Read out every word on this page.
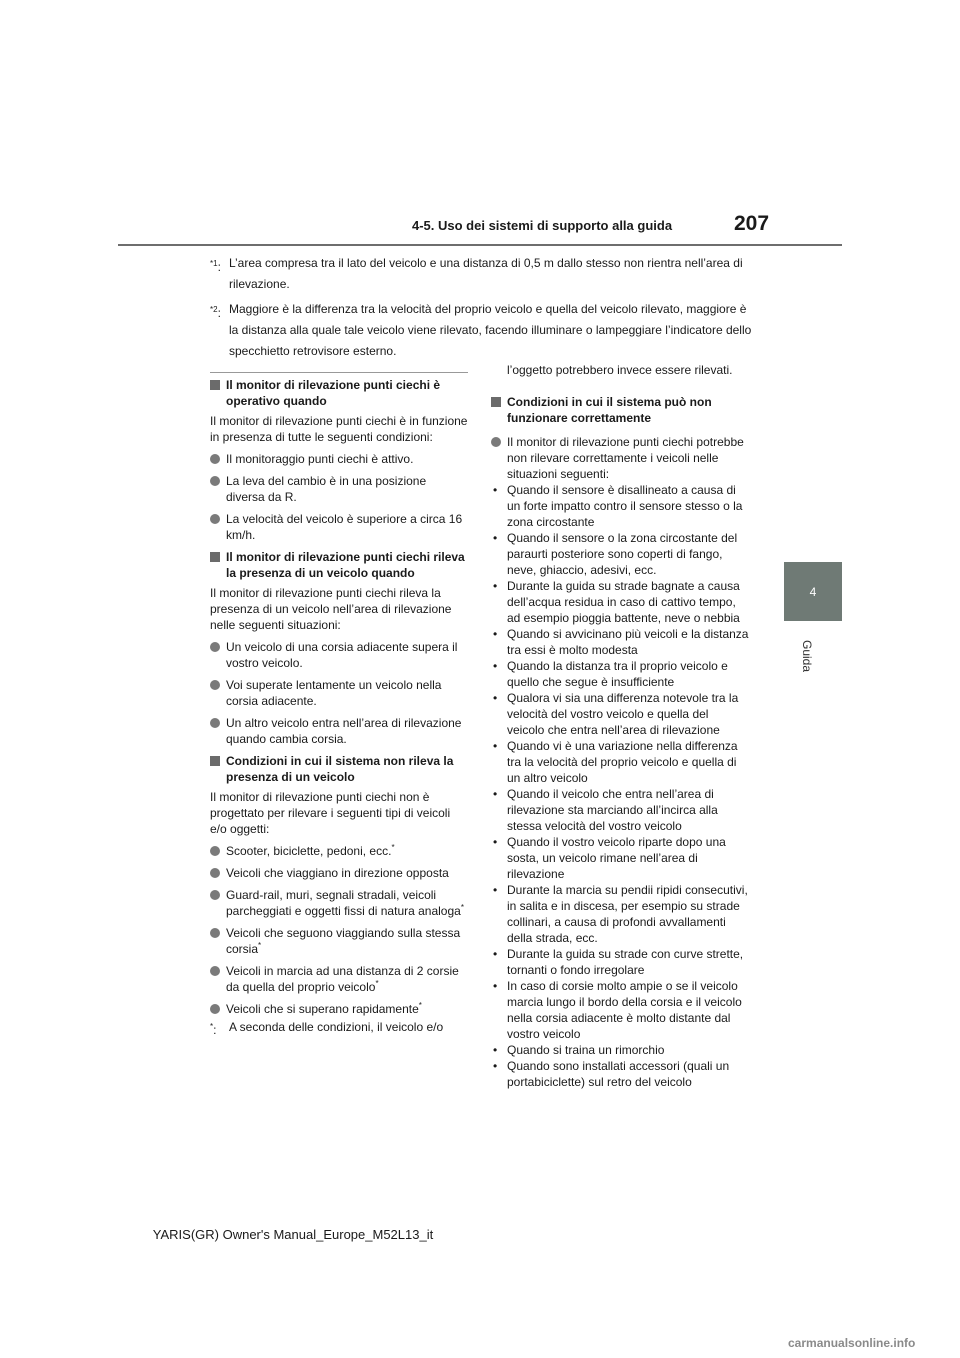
4-5. Uso dei sistemi di supporto alla guida	207
4
Guida
$^{*1}$: L’area compresa tra il lato del veicolo e una distanza di 0,5 m dallo stesso non rientra nell’area di rilevazione.
$^{*2}$: Maggiore è la differenza tra la velocità del proprio veicolo e quella del veicolo rilevato, maggiore è la distanza alla quale tale veicolo viene rilevato, facendo illuminare o lampeggiare l’indicatore dello specchietto retrovisore esterno.
Il monitor di rilevazione punti ciechi è operativo quando

Il monitor di rilevazione punti ciechi è in funzione in presenza di tutte le seguenti condizioni:

Il monitoraggio punti ciechi è attivo.
La leva del cambio è in una posizione diversa da R.
La velocità del veicolo è superiore a circa 16 km/h.
Il monitor di rilevazione punti ciechi rileva la presenza di un veicolo quando

Il monitor di rilevazione punti ciechi rileva la presenza di un veicolo nell’area di rilevazione nelle seguenti situazioni:

Un veicolo di una corsia adiacente supera il vostro veicolo.
Voi superate lentamente un veicolo nella corsia adiacente.
Un altro veicolo entra nell’area di rilevazione quando cambia corsia.
Condizioni in cui il sistema non rileva la presenza di un veicolo

Il monitor di rilevazione punti ciechi non è progettato per rilevare i seguenti tipi di veicoli e/o oggetti:

Scooter, biciclette, pedoni, ecc.*
Veicoli che viaggiano in direzione opposta
Guard-rail, muri, segnali stradali, veicoli parcheggiati e oggetti fissi di natura analoga*
Veicoli che seguono viaggiando sulla stessa corsia*
Veicoli in marcia ad una distanza di 2 corsie da quella del proprio veicolo*
Veicoli che si superano rapidamente*
*: A seconda delle condizioni, il veicolo e/o

l’oggetto potrebbero invece essere rilevati.

Condizioni in cui il sistema può non funzionare correttamente
Il monitor di rilevazione punti ciechi potrebbe non rilevare correttamente i veicoli nelle situazioni seguenti:
• Quando il sensore è disallineato a causa di un forte impatto contro il sensore stesso o la zona circostante
• Quando il sensore o la zona circostante del paraurti posteriore sono coperti di fango, neve, ghiaccio, adesivi, ecc.
• Durante la guida su strade bagnate a causa dell’acqua residua in caso di cattivo tempo, ad esempio pioggia battente, neve o nebbia
• Quando si avvicinano più veicoli e la distanza tra essi è molto modesta
• Quando la distanza tra il proprio veicolo e quello che segue è insufficiente
• Qualora vi sia una differenza notevole tra la velocità del vostro veicolo e quella del veicolo che entra nell’area di rilevazione
• Quando vi è una variazione nella differenza tra la velocità del proprio veicolo e quella di un altro veicolo
• Quando il veicolo che entra nell’area di rilevazione sta marciando all’incirca alla stessa velocità del vostro veicolo
• Quando il vostro veicolo riparte dopo una sosta, un veicolo rimane nell’area di rilevazione
• Durante la marcia su pendii ripidi consecutivi, in salita e in discesa, per esempio su strade collinari, a causa di profondi avvallamenti della strada, ecc.
• Durante la guida su strade con curve strette, tornanti o fondo irregolare
• In caso di corsie molto ampie o se il veicolo marcia lungo il bordo della corsia e il veicolo nella corsia adiacente è molto distante dal vostro veicolo
• Quando si traina un rimorchio
• Quando sono installati accessori (quali un portabiciclette) sul retro del veicolo
YARIS(GR) Owner's Manual_Europe_M52L13_it
carmanualsonline.info
